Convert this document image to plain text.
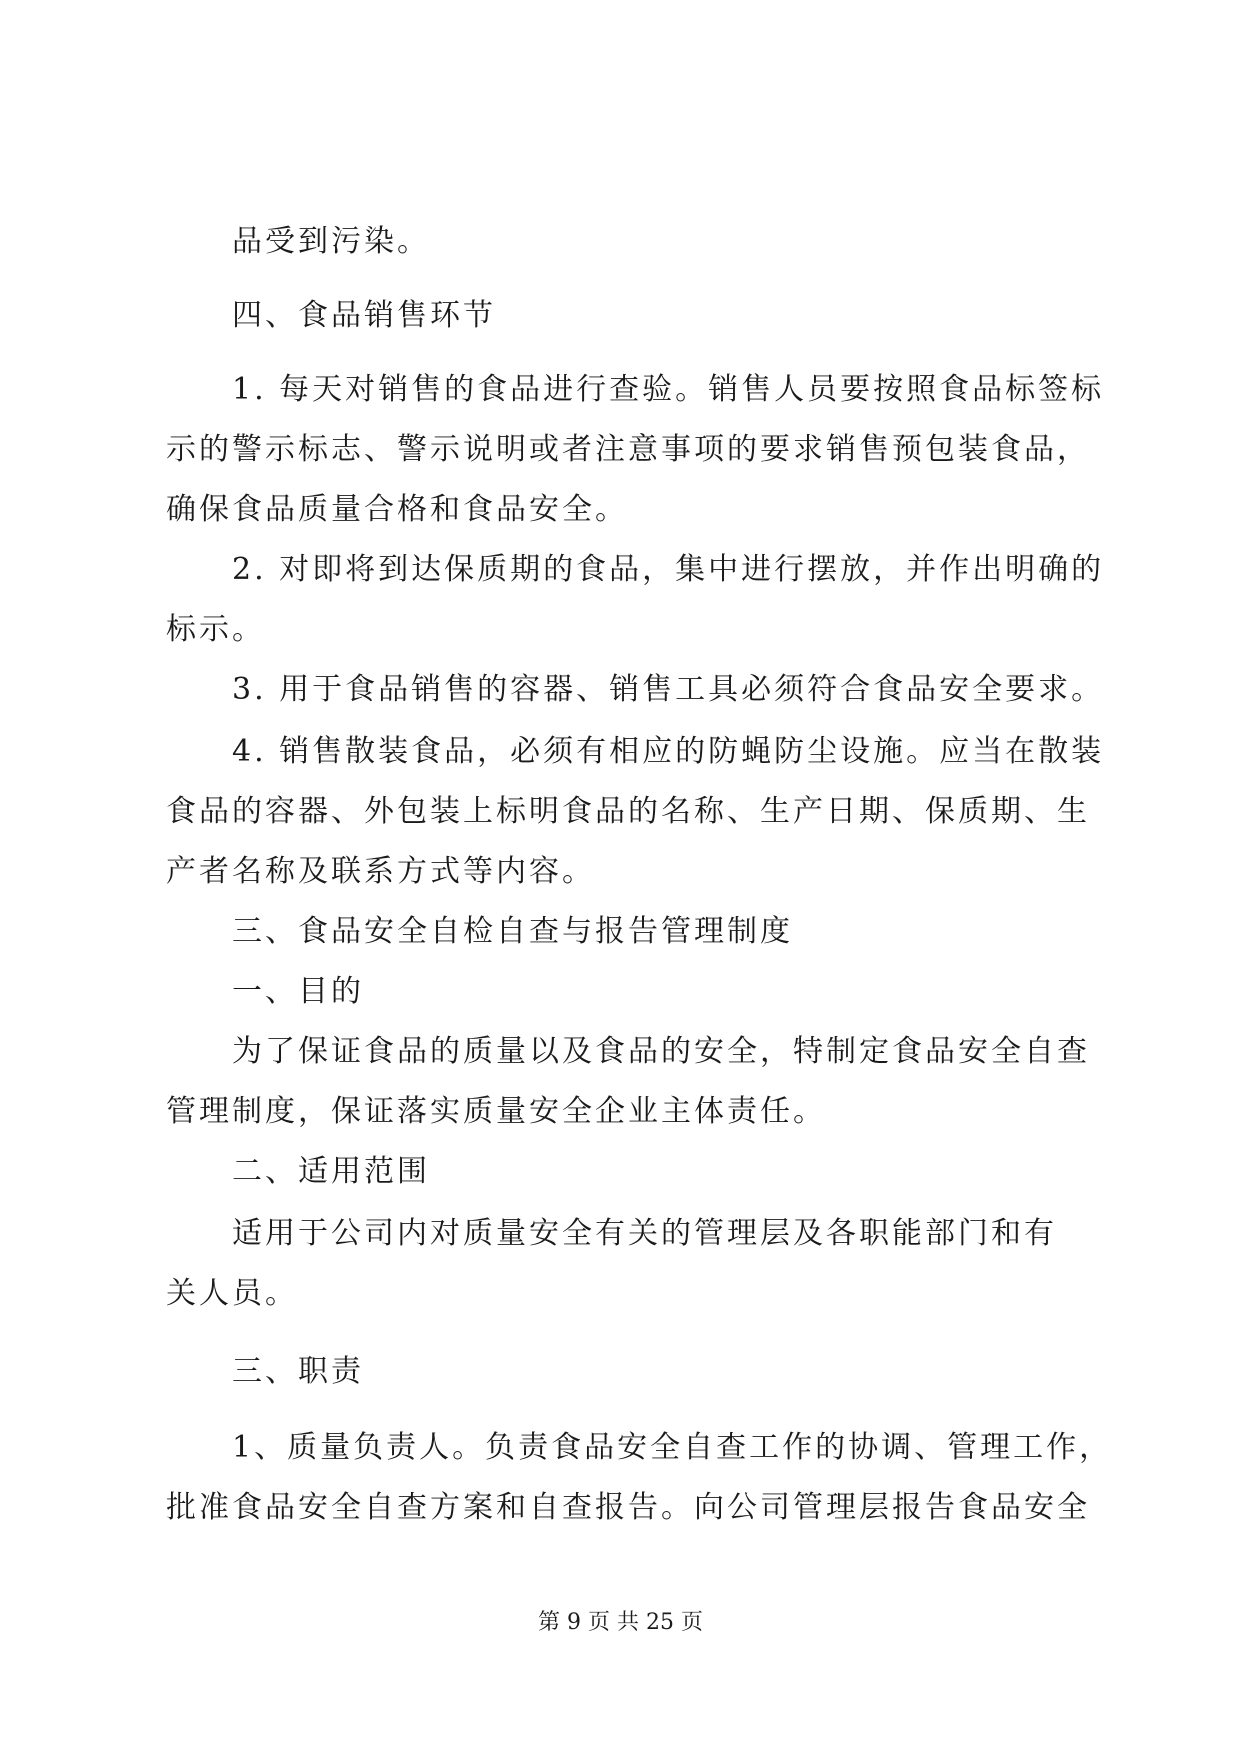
品受到污染。
四、食品销售环节
1. 每天对销售的食品进行查验。销售人员要按照食品标签标
示的警示标志、警示说明或者注意事项的要求销售预包装食品，
确保食品质量合格和食品安全。
2. 对即将到达保质期的食品，集中进行摆放，并作出明确的
标示。
3. 用于食品销售的容器、销售工具必须符合食品安全要求。
4. 销售散装食品，必须有相应的防蝇防尘设施。应当在散装
食品的容器、外包装上标明食品的名称、生产日期、保质期、生
产者名称及联系方式等内容。
三、食品安全自检自查与报告管理制度
一、目的
为了保证食品的质量以及食品的安全，特制定食品安全自查
管理制度，保证落实质量安全企业主体责任。
二、适用范围
适用于公司内对质量安全有关的管理层及各职能部门和有
关人员。
三、职责
1、质量负责人。负责食品安全自查工作的协调、管理工作，
批准食品安全自查方案和自查报告。向公司管理层报告食品安全
第 9 页 共 25 页
